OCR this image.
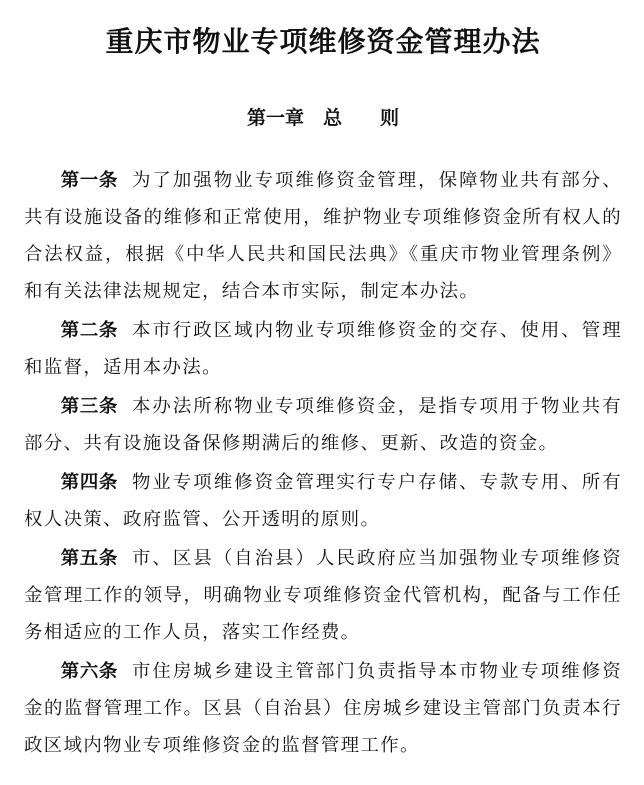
重庆市物业专项维修资金管理办法
第一章　总　　则

第一条 为了加强物业专项维修资金管理，保障物业共有部分、共有设施设备的维修和正常使用，维护物业专项维修资金所有权人的合法权益，根据《中华人民共和国民法典》《重庆市物业管理条例》和有关法律法规规定，结合本市实际，制定本办法。

第二条 本市行政区域内物业专项维修资金的交存、使用、管理和监督，适用本办法。

第三条 本办法所称物业专项维修资金，是指专项用于物业共有部分、共有设施设备保修期满后的维修、更新、改造的资金。

第四条 物业专项维修资金管理实行专户存储、专款专用、所有权人决策、政府监管、公开透明的原则。

第五条 市、区县（自治县）人民政府应当加强物业专项维修资金管理工作的领导，明确物业专项维修资金代管机构，配备与工作任务相适应的工作人员，落实工作经费。

第六条 市住房城乡建设主管部门负责指导本市物业专项维修资金的监督管理工作。区县（自治县）住房城乡建设主管部门负责本行政区域内物业专项维修资金的监督管理工作。
